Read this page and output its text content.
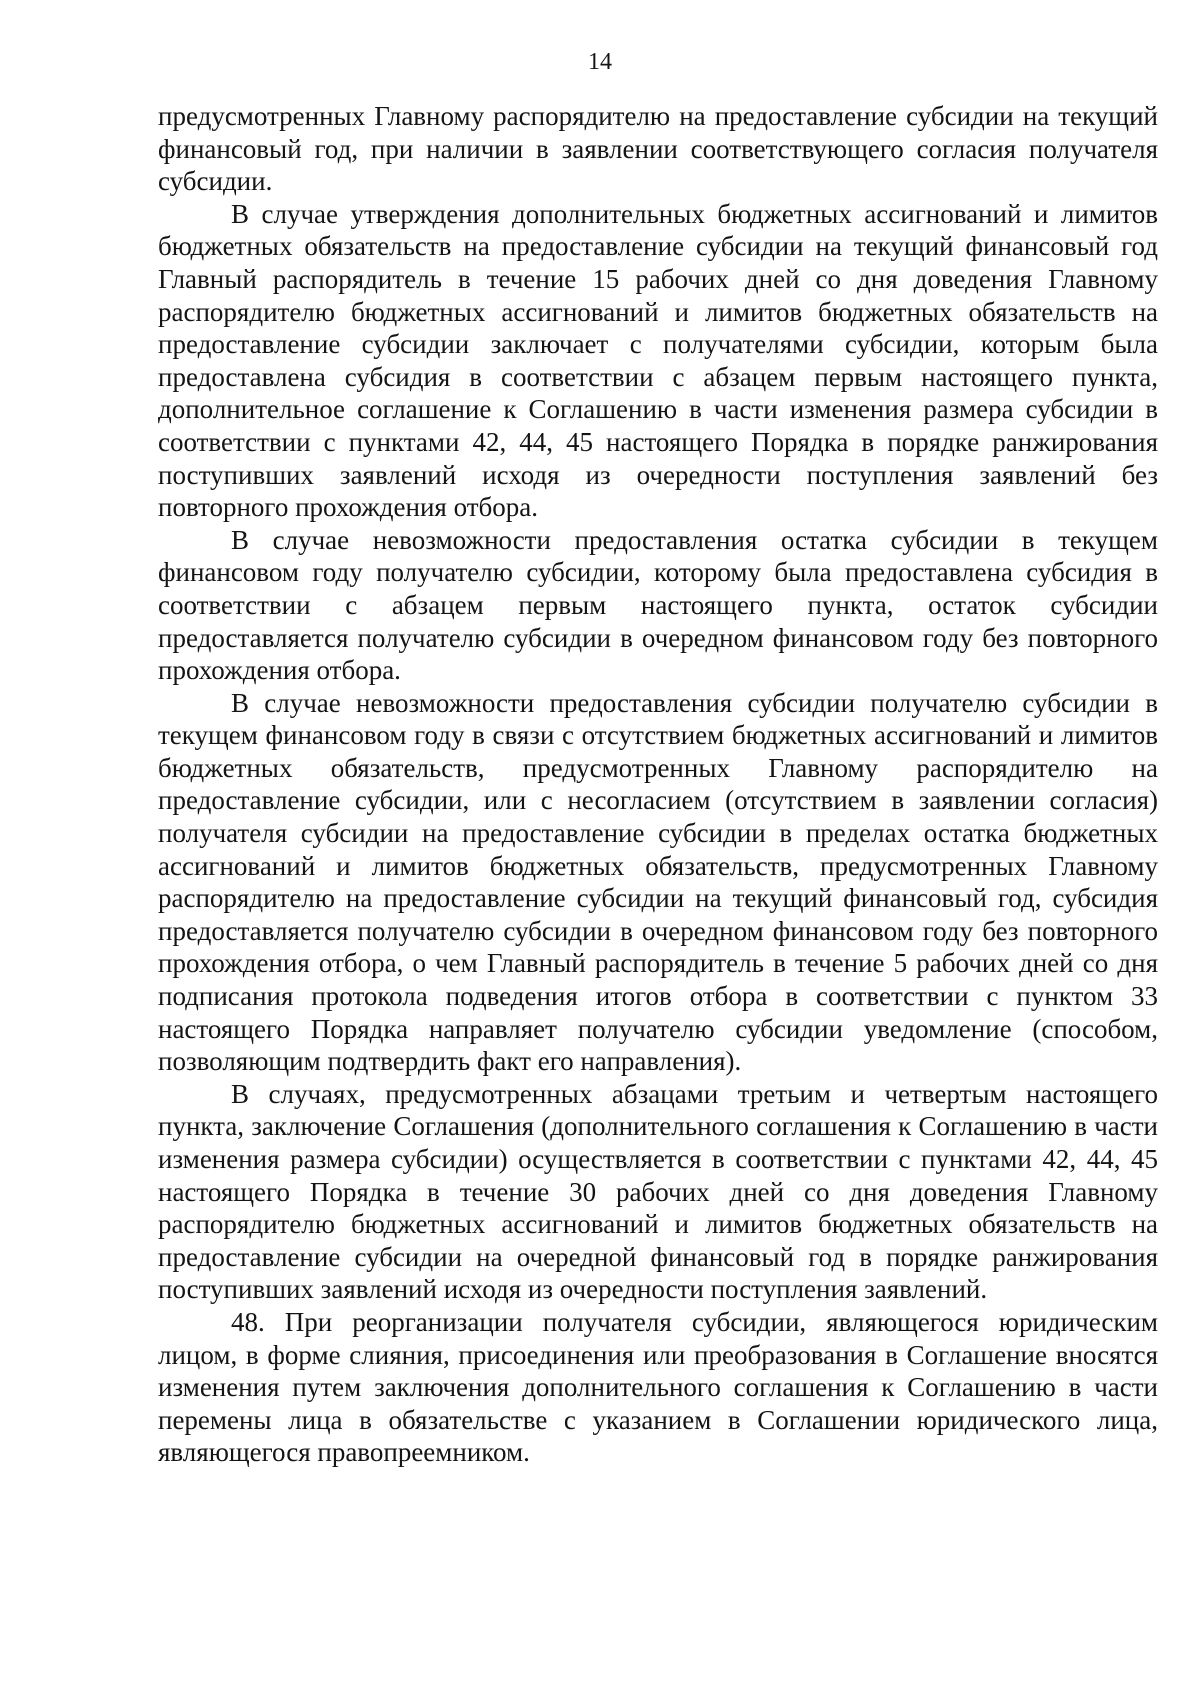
14

предусмотренных Главному распорядителю на предоставление субсидии на текущий финансовый год, при наличии в заявлении соответствующего согласия получателя субсидии.

В случае утверждения дополнительных бюджетных ассигнований и лимитов бюджетных обязательств на предоставление субсидии на текущий финансовый год Главный распорядитель в течение 15 рабочих дней со дня доведения Главному распорядителю бюджетных ассигнований и лимитов бюджетных обязательств на предоставление субсидии заключает с получателями субсидии, которым была предоставлена субсидия в соответствии с абзацем первым настоящего пункта, дополнительное соглашение к Соглашению в части изменения размера субсидии в соответствии с пунктами 42, 44, 45 настоящего Порядка в порядке ранжирования поступивших заявлений исходя из очередности поступления заявлений без повторного прохождения отбора.

В случае невозможности предоставления остатка субсидии в текущем финансовом году получателю субсидии, которому была предоставлена субсидия в соответствии с абзацем первым настоящего пункта, остаток субсидии предоставляется получателю субсидии в очередном финансовом году без повторного прохождения отбора.

В случае невозможности предоставления субсидии получателю субсидии в текущем финансовом году в связи с отсутствием бюджетных ассигнований и лимитов бюджетных обязательств, предусмотренных Главному распорядителю на предоставление субсидии, или с несогласием (отсутствием в заявлении согласия) получателя субсидии на предоставление субсидии в пределах остатка бюджетных ассигнований и лимитов бюджетных обязательств, предусмотренных Главному распорядителю на предоставление субсидии на текущий финансовый год, субсидия предоставляется получателю субсидии в очередном финансовом году без повторного прохождения отбора, о чем Главный распорядитель в течение 5 рабочих дней со дня подписания протокола подведения итогов отбора в соответствии с пунктом 33 настоящего Порядка направляет получателю субсидии уведомление (способом, позволяющим подтвердить факт его направления).

В случаях, предусмотренных абзацами третьим и четвертым настоящего пункта, заключение Соглашения (дополнительного соглашения к Соглашению в части изменения размера субсидии) осуществляется в соответствии с пунктами 42, 44, 45 настоящего Порядка в течение 30 рабочих дней со дня доведения Главному распорядителю бюджетных ассигнований и лимитов бюджетных обязательств на предоставление субсидии на очередной финансовый год в порядке ранжирования поступивших заявлений исходя из очередности поступления заявлений.

48. При реорганизации получателя субсидии, являющегося юридическим лицом, в форме слияния, присоединения или преобразования в Соглашение вносятся изменения путем заключения дополнительного соглашения к Соглашению в части перемены лица в обязательстве с указанием в Соглашении юридического лица, являющегося правопреемником.
